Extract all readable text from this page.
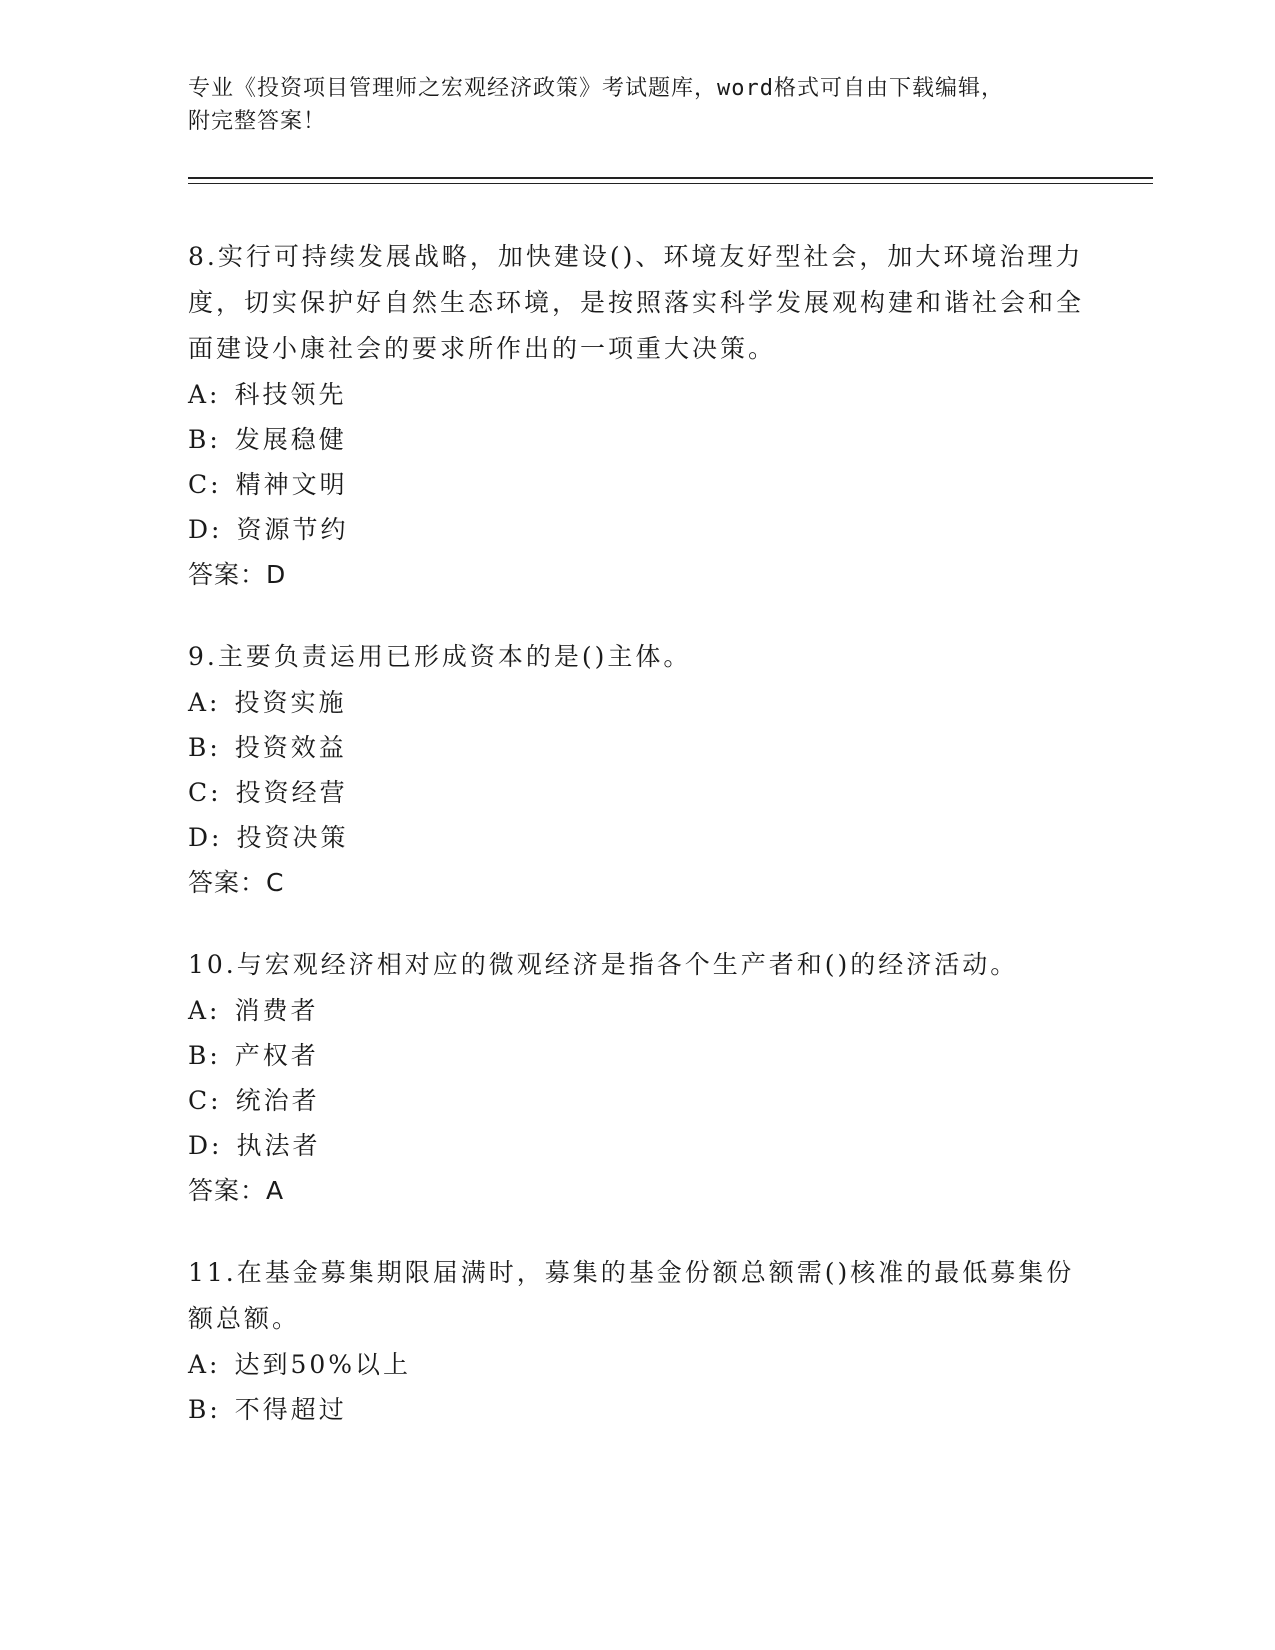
专业《投资项目管理师之宏观经济政策》考试题库，word格式可自由下载编辑，
附完整答案！

8.实行可持续发展战略，加快建设()、环境友好型社会，加大环境治理力度，切实保护好自然生态环境，是按照落实科学发展观构建和谐社会和全面建设小康社会的要求所作出的一项重大决策。

A: 科技领先
B: 发展稳健
C: 精神文明
D: 资源节约
答案：D

9.主要负责运用已形成资本的是()主体。

A: 投资实施
B: 投资效益
C: 投资经营
D: 投资决策
答案：C

10.与宏观经济相对应的微观经济是指各个生产者和()的经济活动。

A: 消费者
B: 产权者
C: 统治者
D: 执法者
答案：A

11.在基金募集期限届满时，募集的基金份额总额需()核准的最低募集份额总额。

A: 达到50%以上
B: 不得超过
